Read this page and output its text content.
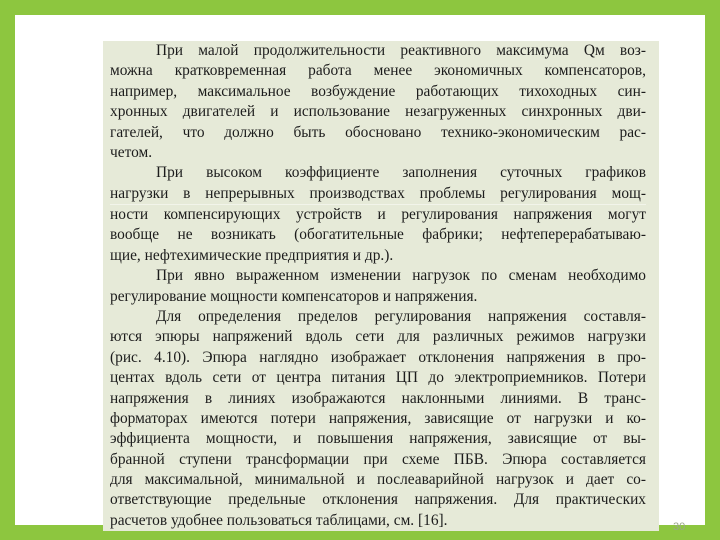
При малой продолжительности реактивного максимума Qм воз-
можна кратковременная работа менее экономичных компенсаторов,
например, максимальное возбуждение работающих тихоходных син-
хронных двигателей и использование незагруженных синхронных дви-
гателей, что должно быть обосновано технико-экономическим рас-
четом.
При высоком коэффициенте заполнения суточных графиков
нагрузки в непрерывных производствах проблемы регулирования мощ-
ности компенсирующих устройств и регулирования напряжения могут
вообще не возникать (обогатительные фабрики; нефтеперерабатываю-
щие, нефтехимические предприятия и др.).
При явно выраженном изменении нагрузок по сменам необходимо
регулирование мощности компенсаторов и напряжения.
Для определения пределов регулирования напряжения составля-
ются эпюры напряжений вдоль сети для различных режимов нагрузки
(рис. 4.10). Эпюра наглядно изображает отклонения напряжения в про-
центах вдоль сети от центра питания ЦП до электроприемников. Потери
напряжения в линиях изображаются наклонными линиями. В транс-
форматорах имеются потери напряжения, зависящие от нагрузки и ко-
эффициента мощности, и повышения напряжения, зависящие от вы-
бранной ступени трансформации при схеме ПБВ. Эпюра составляется
для максимальной, минимальной и послеаварийной нагрузок и дает со-
ответствующие предельные отклонения напряжения. Для практических
расчетов удобнее пользоваться таблицами, см. [16].	30
